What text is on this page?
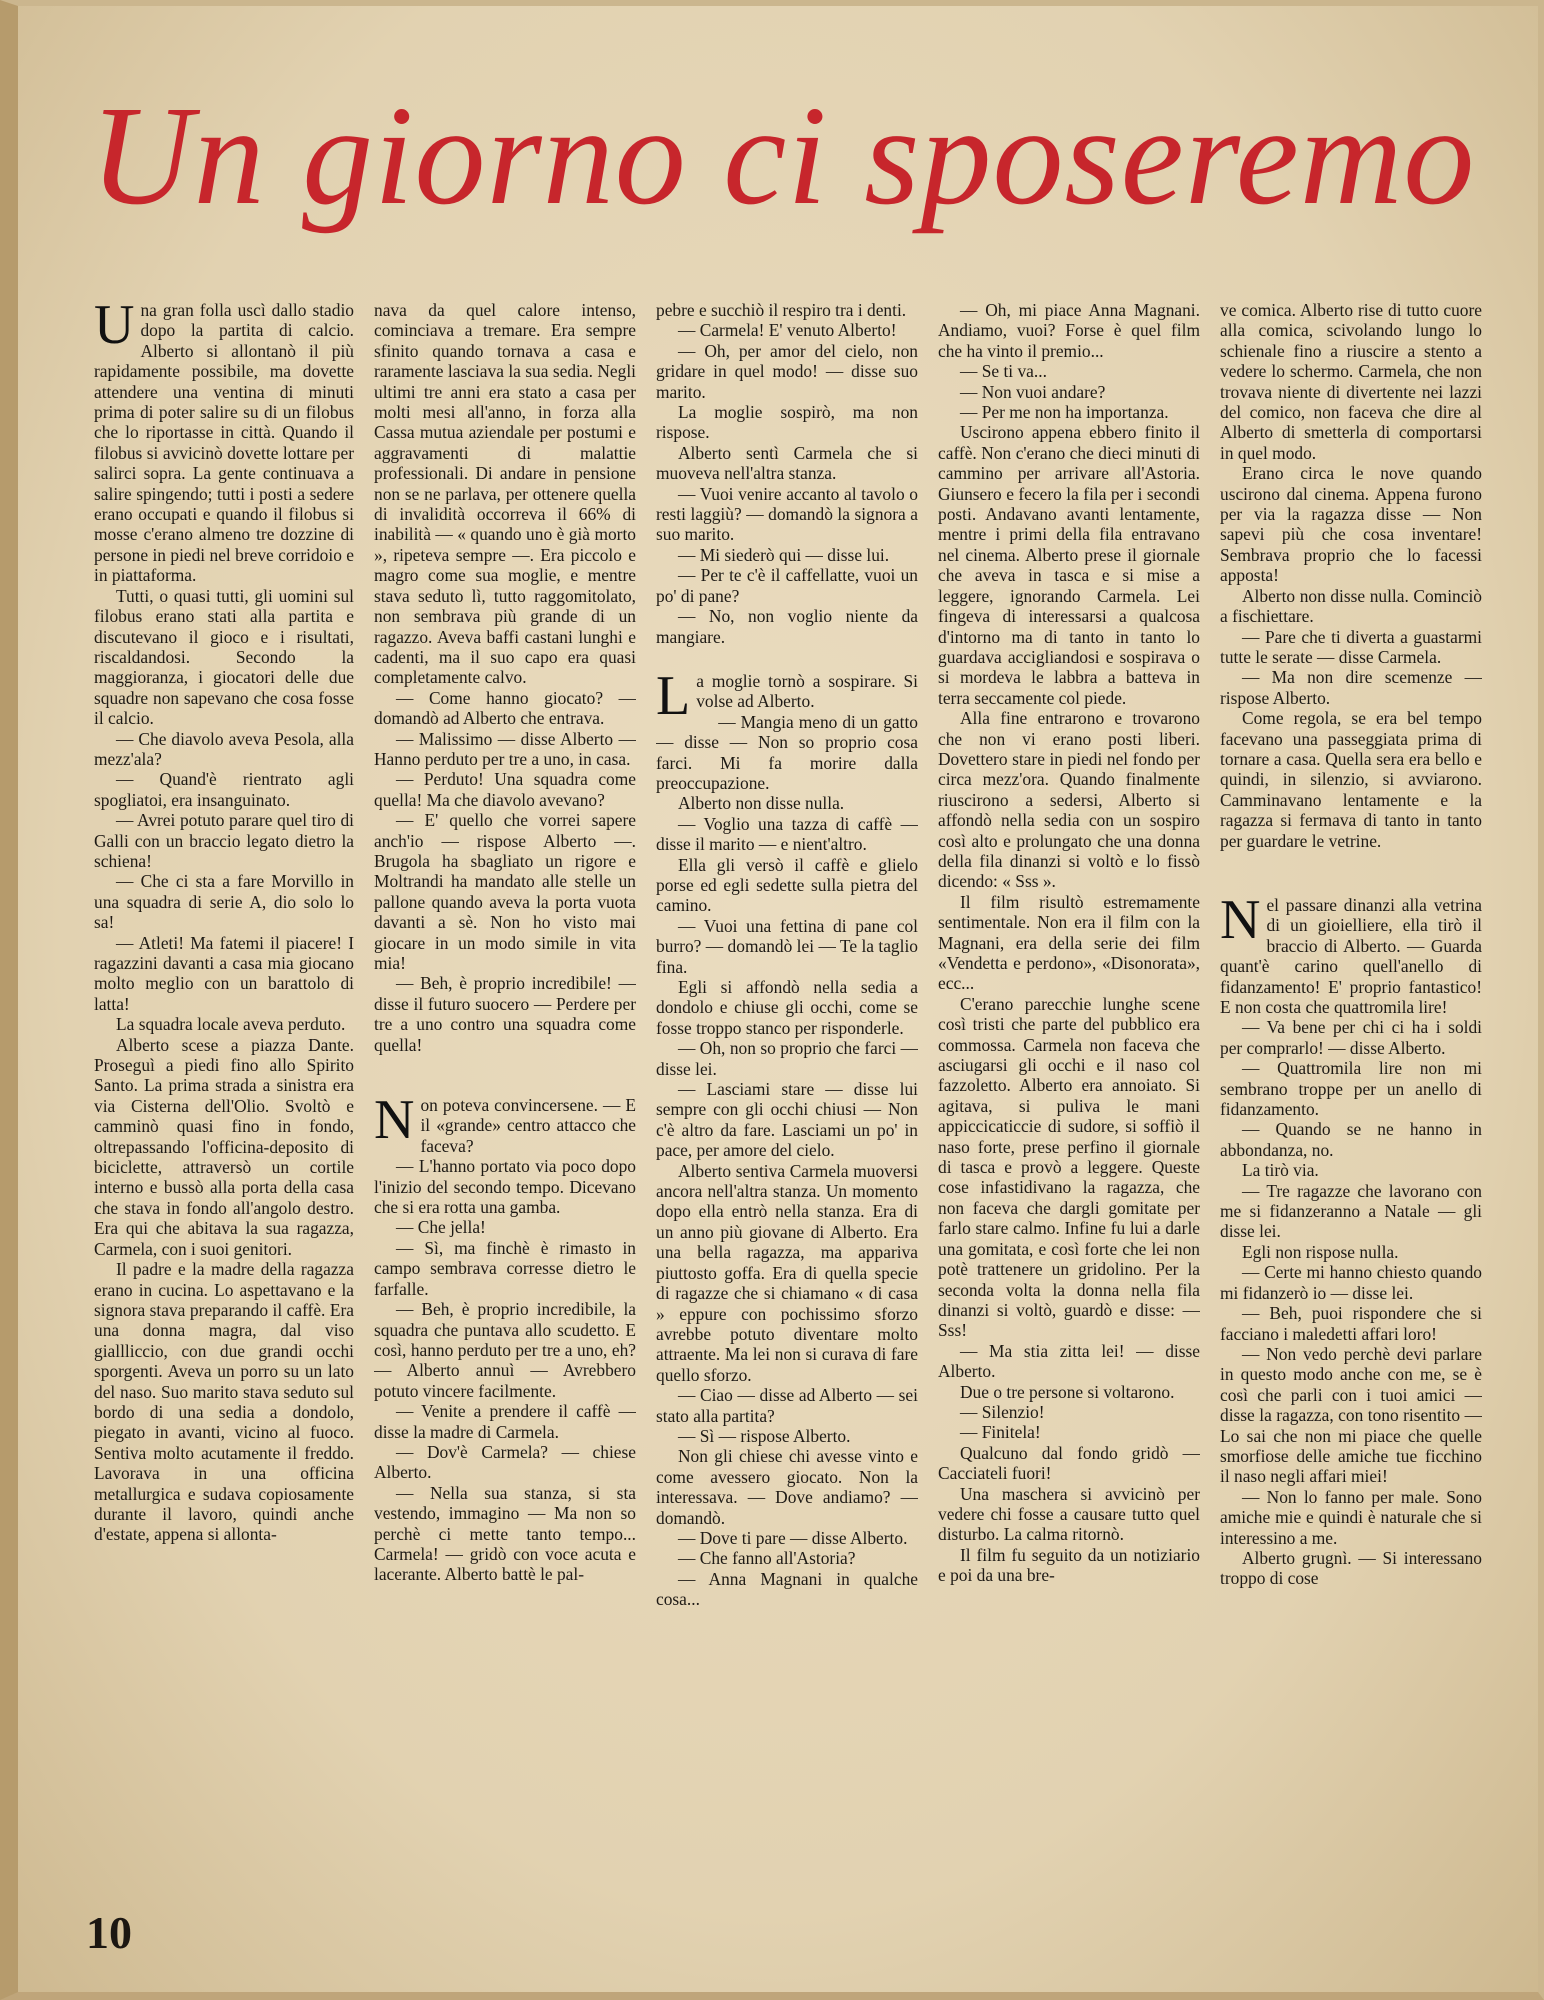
Un giorno ci sposeremo

Una gran folla uscì dallo stadio dopo la partita di calcio. Alberto si allontanò il più rapidamente possibile, ma dovette attendere una ventina di minuti prima di poter salire su di un filobus che lo riportasse in città. Quando il filobus si avvicinò dovette lottare per salirci sopra. La gente continuava a salire spingendo; tutti i posti a sedere erano occupati e quando il filobus si mosse c'erano almeno tre dozzine di persone in piedi nel breve corridoio e in piattaforma.

Tutti, o quasi tutti, gli uomini sul filobus erano stati alla partita e discutevano il gioco e i risultati, riscaldandosi. Secondo la maggioranza, i giocatori delle due squadre non sapevano che cosa fosse il calcio.

— Che diavolo aveva Pesola, alla mezz'ala?

— Quand'è rientrato agli spogliatoi, era insanguinato.

— Avrei potuto parare quel tiro di Galli con un braccio legato dietro la schiena!

— Che ci sta a fare Morvillo in una squadra di serie A, dio solo lo sa!

— Atleti! Ma fatemi il piacere! I ragazzini davanti a casa mia giocano molto meglio con un barattolo di latta!

La squadra locale aveva perduto.

Alberto scese a piazza Dante. Proseguì a piedi fino allo Spirito Santo. La prima strada a sinistra era via Cisterna dell'Olio. Svoltò e camminò quasi fino in fondo, oltrepassando l'officina-deposito di biciclette, attraversò un cortile interno e bussò alla porta della casa che stava in fondo all'angolo destro. Era qui che abitava la sua ragazza, Carmela, con i suoi genitori.

Il padre e la madre della ragazza erano in cucina. Lo aspettavano e la signora stava preparando il caffè. Era una donna magra, dal viso giallliccio, con due grandi occhi sporgenti. Aveva un porro su un lato del naso. Suo marito stava seduto sul bordo di una sedia a dondolo, piegato in avanti, vicino al fuoco. Sentiva molto acutamente il freddo. Lavorava in una officina metallurgica e sudava copiosamente durante il lavoro, quindi anche d'estate, appena si allonta-

nava da quel calore intenso, cominciava a tremare. Era sempre sfinito quando tornava a casa e raramente lasciava la sua sedia. Negli ultimi tre anni era stato a casa per molti mesi all'anno, in forza alla Cassa mutua aziendale per postumi e aggravamenti di malattie professionali. Di andare in pensione non se ne parlava, per ottenere quella di invalidità occorreva il 66% di inabilità — « quando uno è già morto », ripeteva sempre —. Era piccolo e magro come sua moglie, e mentre stava seduto lì, tutto raggomitolato, non sembrava più grande di un ragazzo. Aveva baffi castani lunghi e cadenti, ma il suo capo era quasi completamente calvo.

— Come hanno giocato? — domandò ad Alberto che entrava.

— Malissimo — disse Alberto — Hanno perduto per tre a uno, in casa.

— Perduto! Una squadra come quella! Ma che diavolo avevano?

— E' quello che vorrei sapere anch'io — rispose Alberto —. Brugola ha sbagliato un rigore e Moltrandi ha mandato alle stelle un pallone quando aveva la porta vuota davanti a sè. Non ho visto mai giocare in un modo simile in vita mia!

— Beh, è proprio incredibile! — disse il futuro suocero — Perdere per tre a uno contro una squadra come quella!

Non poteva convincersene. — E il «grande» centro attacco che faceva?

— L'hanno portato via poco dopo l'inizio del secondo tempo. Dicevano che si era rotta una gamba.

— Che jella!

— Sì, ma finchè è rimasto in campo sembrava corresse dietro le farfalle.

— Beh, è proprio incredibile, la squadra che puntava allo scudetto. E così, hanno perduto per tre a uno, eh? — Alberto annuì — Avrebbero potuto vincere facilmente.

— Venite a prendere il caffè — disse la madre di Carmela.

— Dov'è Carmela? — chiese Alberto.

— Nella sua stanza, si sta vestendo, immagino — Ma non so perchè ci mette tanto tempo... Carmela! — gridò con voce acuta e lacerante. Alberto battè le pal-

pebre e succhiò il respiro tra i denti.

— Carmela! E' venuto Alberto!

— Oh, per amor del cielo, non gridare in quel modo! — disse suo marito.

La moglie sospirò, ma non rispose.

Alberto sentì Carmela che si muoveva nell'altra stanza.

— Vuoi venire accanto al tavolo o resti laggiù? — domandò la signora a suo marito.

— Mi siederò qui — disse lui.

— Per te c'è il caffellatte, vuoi un po' di pane?

— No, non voglio niente da mangiare.

La moglie tornò a sospirare. Si volse ad Alberto.

— Mangia meno di un gatto — disse — Non so proprio cosa farci. Mi fa morire dalla preoccupazione.

Alberto non disse nulla.

— Voglio una tazza di caffè — disse il marito — e nient'altro.

Ella gli versò il caffè e glielo porse ed egli sedette sulla pietra del camino.

— Vuoi una fettina di pane col burro? — domandò lei — Te la taglio fina.

Egli si affondò nella sedia a dondolo e chiuse gli occhi, come se fosse troppo stanco per risponderle.

— Oh, non so proprio che farci — disse lei.

— Lasciami stare — disse lui sempre con gli occhi chiusi — Non c'è altro da fare. Lasciami un po' in pace, per amore del cielo.

Alberto sentiva Carmela muoversi ancora nell'altra stanza. Un momento dopo ella entrò nella stanza. Era di un anno più giovane di Alberto. Era una bella ragazza, ma appariva piuttosto goffa. Era di quella specie di ragazze che si chiamano « di casa » eppure con pochissimo sforzo avrebbe potuto diventare molto attraente. Ma lei non si curava di fare quello sforzo.

— Ciao — disse ad Alberto — sei stato alla partita?

— Sì — rispose Alberto.

Non gli chiese chi avesse vinto e come avessero giocato. Non la interessava. — Dove andiamo? — domandò.

— Dove ti pare — disse Alberto.

— Che fanno all'Astoria?

— Anna Magnani in qualche cosa...

— Oh, mi piace Anna Magnani. Andiamo, vuoi? Forse è quel film che ha vinto il premio...

— Se ti va...

— Non vuoi andare?

— Per me non ha importanza.

Uscirono appena ebbero finito il caffè. Non c'erano che dieci minuti di cammino per arrivare all'Astoria. Giunsero e fecero la fila per i secondi posti. Andavano avanti lentamente, mentre i primi della fila entravano nel cinema. Alberto prese il giornale che aveva in tasca e si mise a leggere, ignorando Carmela. Lei fingeva di interessarsi a qualcosa d'intorno ma di tanto in tanto lo guardava accigliandosi e sospirava o si mordeva le labbra a batteva in terra seccamente col piede.

Alla fine entrarono e trovarono che non vi erano posti liberi. Dovettero stare in piedi nel fondo per circa mezz'ora. Quando finalmente riuscirono a sedersi, Alberto si affondò nella sedia con un sospiro così alto e prolungato che una donna della fila dinanzi si voltò e lo fissò dicendo: « Sss ».

Il film risultò estremamente sentimentale. Non era il film con la Magnani, era della serie dei film «Vendetta e perdono», «Disonorata», ecc...

C'erano parecchie lunghe scene così tristi che parte del pubblico era commossa. Carmela non faceva che asciugarsi gli occhi e il naso col fazzoletto. Alberto era annoiato. Si agitava, si puliva le mani appiccicaticcie di sudore, si soffiò il naso forte, prese perfino il giornale di tasca e provò a leggere. Queste cose infastidivano la ragazza, che non faceva che dargli gomitate per farlo stare calmo. Infine fu lui a darle una gomitata, e così forte che lei non potè trattenere un gridolino. Per la seconda volta la donna nella fila dinanzi si voltò, guardò e disse: — Sss!

— Ma stia zitta lei! — disse Alberto.

Due o tre persone si voltarono.

— Silenzio!

— Finitela!

Qualcuno dal fondo gridò — Cacciateli fuori!

Una maschera si avvicinò per vedere chi fosse a causare tutto quel disturbo. La calma ritornò.

Il film fu seguito da un notiziario e poi da una bre-

ve comica. Alberto rise di tutto cuore alla comica, scivolando lungo lo schienale fino a riuscire a stento a vedere lo schermo. Carmela, che non trovava niente di divertente nei lazzi del comico, non faceva che dire al Alberto di smetterla di comportarsi in quel modo.

Erano circa le nove quando uscirono dal cinema. Appena furono per via la ragazza disse — Non sapevi più che cosa inventare! Sembrava proprio che lo facessi apposta!

Alberto non disse nulla. Cominciò a fischiettare.

— Pare che ti diverta a guastarmi tutte le serate — disse Carmela.

— Ma non dire scemenze — rispose Alberto.

Come regola, se era bel tempo facevano una passeggiata prima di tornare a casa. Quella sera era bello e quindi, in silenzio, si avviarono. Camminavano lentamente e la ragazza si fermava di tanto in tanto per guardare le vetrine.

Nel passare dinanzi alla vetrina di un gioielliere, ella tirò il braccio di Alberto. — Guarda quant'è carino quell'anello di fidanzamento! E' proprio fantastico! E non costa che quattromila lire!

— Va bene per chi ci ha i soldi per comprarlo! — disse Alberto.

— Quattromila lire non mi sembrano troppe per un anello di fidanzamento.

— Quando se ne hanno in abbondanza, no.

La tirò via.

— Tre ragazze che lavorano con me si fidanzeranno a Natale — gli disse lei.

Egli non rispose nulla.

— Certe mi hanno chiesto quando mi fidanzerò io — disse lei.

— Beh, puoi rispondere che si facciano i maledetti affari loro!

— Non vedo perchè devi parlare in questo modo anche con me, se è così che parli con i tuoi amici — disse la ragazza, con tono risentito — Lo sai che non mi piace che quelle smorfiose delle amiche tue ficchino il naso negli affari miei!

— Non lo fanno per male. Sono amiche mie e quindi è naturale che si interessino a me.

Alberto grugnì. — Si interessano troppo di cose

10
